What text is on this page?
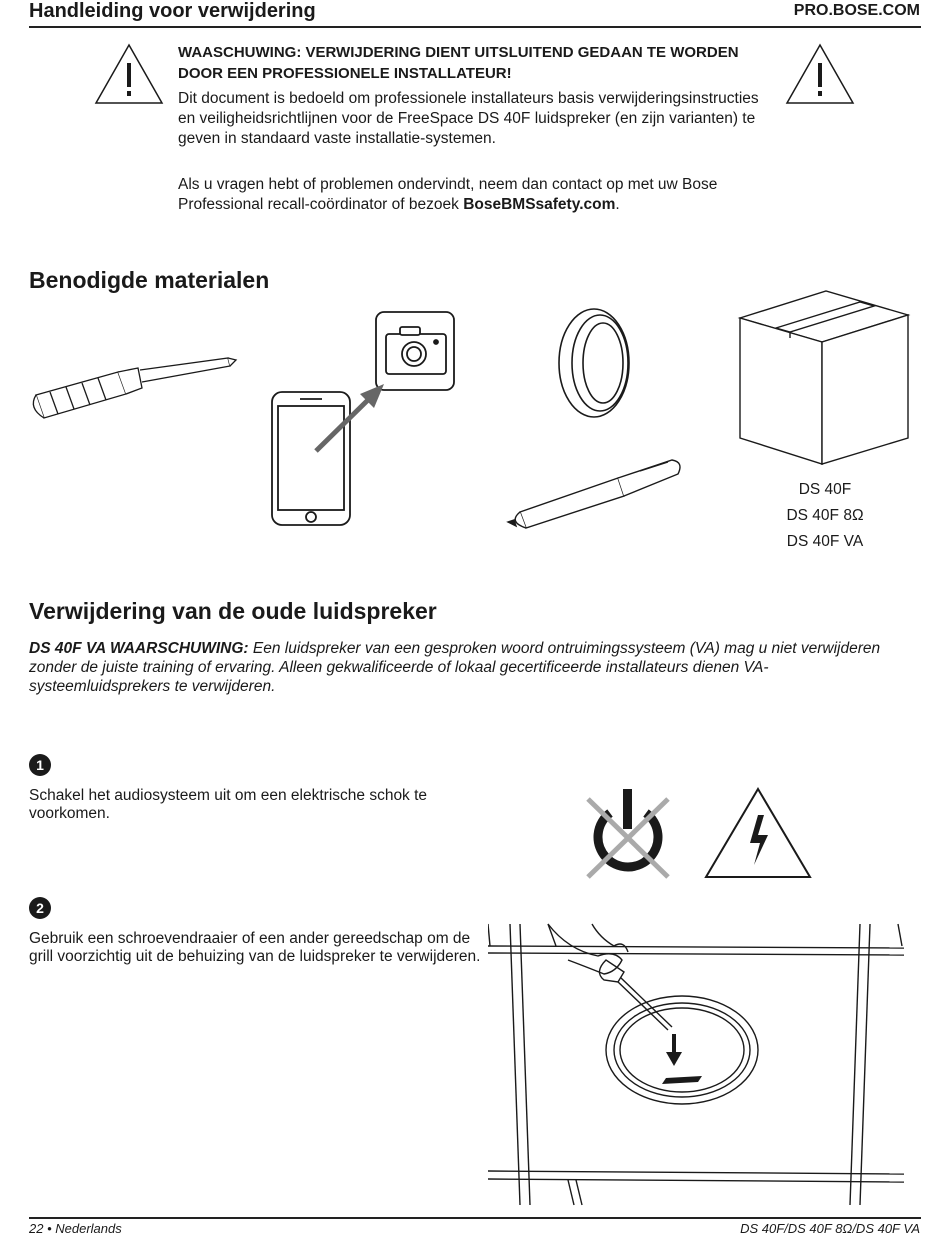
Handleiding voor verwijdering	PRO.BOSE.COM
WAASCHUWING: VERWIJDERING DIENT UITSLUITEND GEDAAN TE WORDEN DOOR EEN PROFESSIONELE INSTALLATEUR!
Dit document is bedoeld om professionele installateurs basis verwijderingsinstructies en veiligheidsrichtlijnen voor de FreeSpace DS 40F luidspreker (en zijn varianten) te geven in standaard vaste installatie-systemen.
Als u vragen hebt of problemen ondervindt, neem dan contact op met uw Bose Professional recall-coördinator of bezoek BoseBMSsafety.com.
Benodigde materialen
DS 40F
DS 40F 8Ω
DS 40F VA
Verwijdering van de oude luidspreker
DS 40F VA WAARSCHUWING: Een luidspreker van een gesproken woord ontruimingssysteem (VA) mag u niet verwijderen zonder de juiste training of ervaring. Alleen gekwalificeerde of lokaal gecertificeerde installateurs dienen VA-systeemluidsprekers te verwijderen.
1
Schakel het audiosysteem uit om een elektrische schok te voorkomen.
2
Gebruik een schroevendraaier of een ander gereedschap om de grill voorzichtig uit de behuizing van de luidspreker te verwijderen.
22 • Nederlands	DS 40F/DS 40F 8Ω/DS 40F VA
